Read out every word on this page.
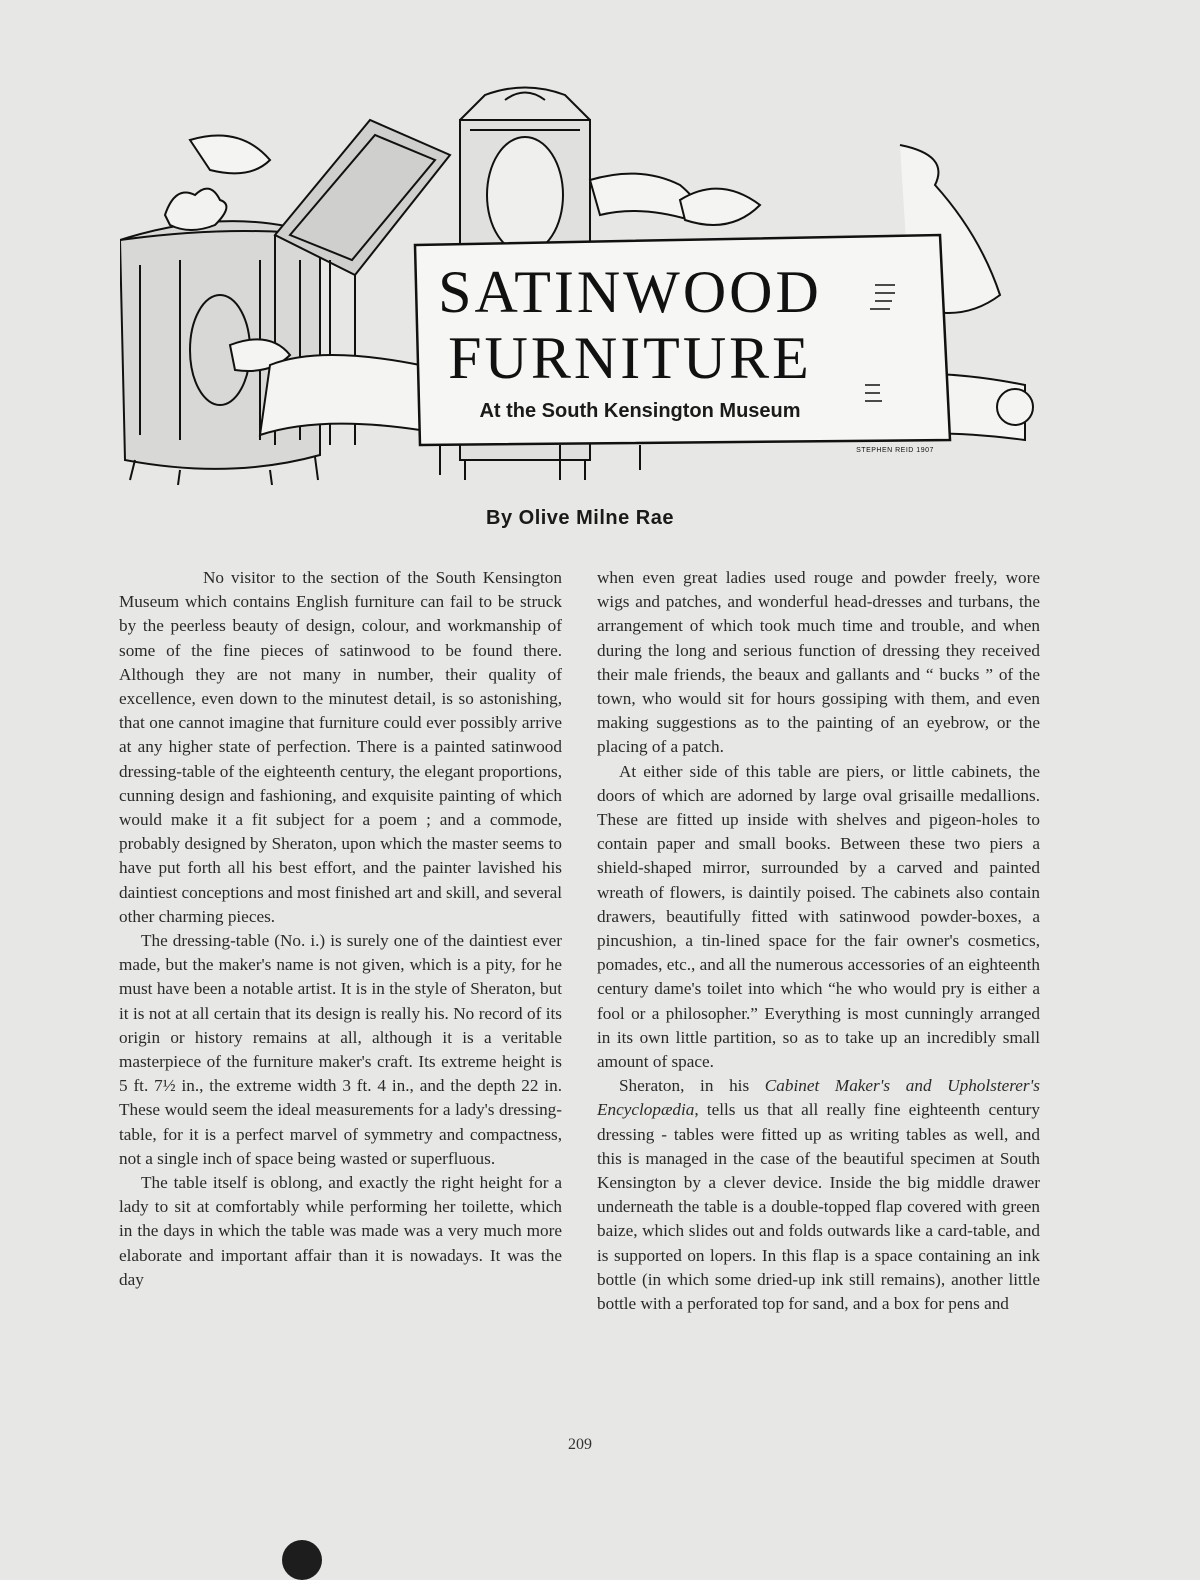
SATINWOOD
FURNITURE
At the South Kensington Museum
STEPHEN REID 1907
By Olive Milne Rae

No visitor to the section of the South Kensington Museum which contains English furniture can fail to be struck by the peerless beauty of design, colour, and workmanship of some of the fine pieces of satinwood to be found there. Although they are not many in number, their quality of excellence, even down to the minutest detail, is so astonishing, that one cannot imagine that furniture could ever possibly arrive at any higher state of perfection. There is a painted satinwood dressing-table of the eighteenth century, the elegant proportions, cunning design and fashioning, and exquisite painting of which would make it a fit subject for a poem ; and a commode, probably designed by Sheraton, upon which the master seems to have put forth all his best effort, and the painter lavished his daintiest conceptions and most finished art and skill, and several other charming pieces.

The dressing-table (No. i.) is surely one of the daintiest ever made, but the maker's name is not given, which is a pity, for he must have been a notable artist. It is in the style of Sheraton, but it is not at all certain that its design is really his. No record of its origin or history remains at all, although it is a veritable masterpiece of the furniture maker's craft. Its extreme height is 5 ft. 7½ in., the extreme width 3 ft. 4 in., and the depth 22 in. These would seem the ideal measurements for a lady's dressing-table, for it is a perfect marvel of symmetry and compactness, not a single inch of space being wasted or superfluous.

The table itself is oblong, and exactly the right height for a lady to sit at comfortably while performing her toilette, which in the days in which the table was made was a very much more elaborate and important affair than it is nowadays. It was the day

when even great ladies used rouge and powder freely, wore wigs and patches, and wonderful head-dresses and turbans, the arrangement of which took much time and trouble, and when during the long and serious function of dressing they received their male friends, the beaux and gallants and “ bucks ” of the town, who would sit for hours gossiping with them, and even making suggestions as to the painting of an eyebrow, or the placing of a patch.

At either side of this table are piers, or little cabinets, the doors of which are adorned by large oval grisaille medallions. These are fitted up inside with shelves and pigeon-holes to contain paper and small books. Between these two piers a shield-shaped mirror, surrounded by a carved and painted wreath of flowers, is daintily poised. The cabinets also contain drawers, beautifully fitted with satinwood powder-boxes, a pincushion, a tin-lined space for the fair owner's cosmetics, pomades, etc., and all the numerous accessories of an eighteenth century dame's toilet into which “he who would pry is either a fool or a philosopher.” Everything is most cunningly arranged in its own little partition, so as to take up an incredibly small amount of space.

Sheraton, in his Cabinet Maker's and Upholsterer's Encyclopædia, tells us that all really fine eighteenth century dressing - tables were fitted up as writing tables as well, and this is managed in the case of the beautiful specimen at South Kensington by a clever device. Inside the big middle drawer underneath the table is a double-topped flap covered with green baize, which slides out and folds outwards like a card-table, and is supported on lopers. In this flap is a space containing an ink bottle (in which some dried-up ink still remains), another little bottle with a perforated top for sand, and a box for pens and

209
